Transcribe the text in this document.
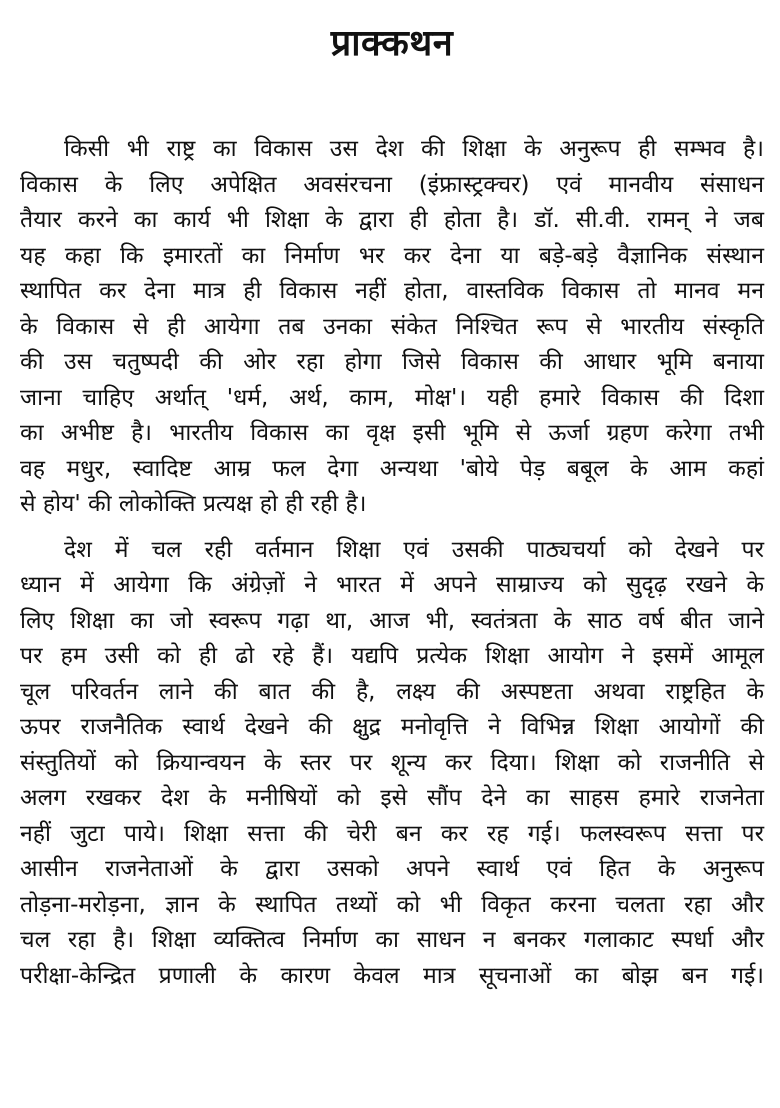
प्राक्कथन

किसी भी राष्ट्र का विकास उस देश की शिक्षा के अनुरूप ही सम्भव है।
विकास के लिए अपेक्षित अवसंरचना (इंफ्रास्ट्रक्चर) एवं मानवीय संसाधन
तैयार करने का कार्य भी शिक्षा के द्वारा ही होता है। डॉ. सी.वी. रामन् ने जब
यह कहा कि इमारतों का निर्माण भर कर देना या बड़े-बड़े वैज्ञानिक संस्थान
स्थापित कर देना मात्र ही विकास नहीं होता, वास्तविक विकास तो मानव मन
के विकास से ही आयेगा तब उनका संकेत निश्चित रूप से भारतीय संस्कृति
की उस चतुष्पदी की ओर रहा होगा जिसे विकास की आधार भूमि बनाया
जाना चाहिए अर्थात् 'धर्म, अर्थ, काम, मोक्ष'। यही हमारे विकास की दिशा
का अभीष्ट है। भारतीय विकास का वृक्ष इसी भूमि से ऊर्जा ग्रहण करेगा तभी
वह मधुर, स्वादिष्ट आम्र फल देगा अन्यथा 'बोये पेड़ बबूल के आम कहां
से होय' की लोकोक्ति प्रत्यक्ष हो ही रही है।

देश में चल रही वर्तमान शिक्षा एवं उसकी पाठ्यचर्या को देखने पर
ध्यान में आयेगा कि अंग्रेज़ों ने भारत में अपने साम्राज्य को सुदृढ़ रखने के
लिए शिक्षा का जो स्वरूप गढ़ा था, आज भी, स्वतंत्रता के साठ वर्ष बीत जाने
पर हम उसी को ही ढो रहे हैं। यद्यपि प्रत्येक शिक्षा आयोग ने इसमें आमूल
चूल परिवर्तन लाने की बात की है, लक्ष्य की अस्पष्टता अथवा राष्ट्रहित के
ऊपर राजनैतिक स्वार्थ देखने की क्षुद्र मनोवृत्ति ने विभिन्न शिक्षा आयोगों की
संस्तुतियों को क्रियान्वयन के स्तर पर शून्य कर दिया। शिक्षा को राजनीति से
अलग रखकर देश के मनीषियों को इसे सौंप देने का साहस हमारे राजनेता
नहीं जुटा पाये। शिक्षा सत्ता की चेरी बन कर रह गई। फलस्वरूप सत्ता पर
आसीन राजनेताओं के द्वारा उसको अपने स्वार्थ एवं हित के अनुरूप
तोड़ना-मरोड़ना, ज्ञान के स्थापित तथ्यों को भी विकृत करना चलता रहा और
चल रहा है। शिक्षा व्यक्तित्व निर्माण का साधन न बनकर गलाकाट स्पर्धा और
परीक्षा-केन्द्रित प्रणाली के कारण केवल मात्र सूचनाओं का बोझ बन गई।
